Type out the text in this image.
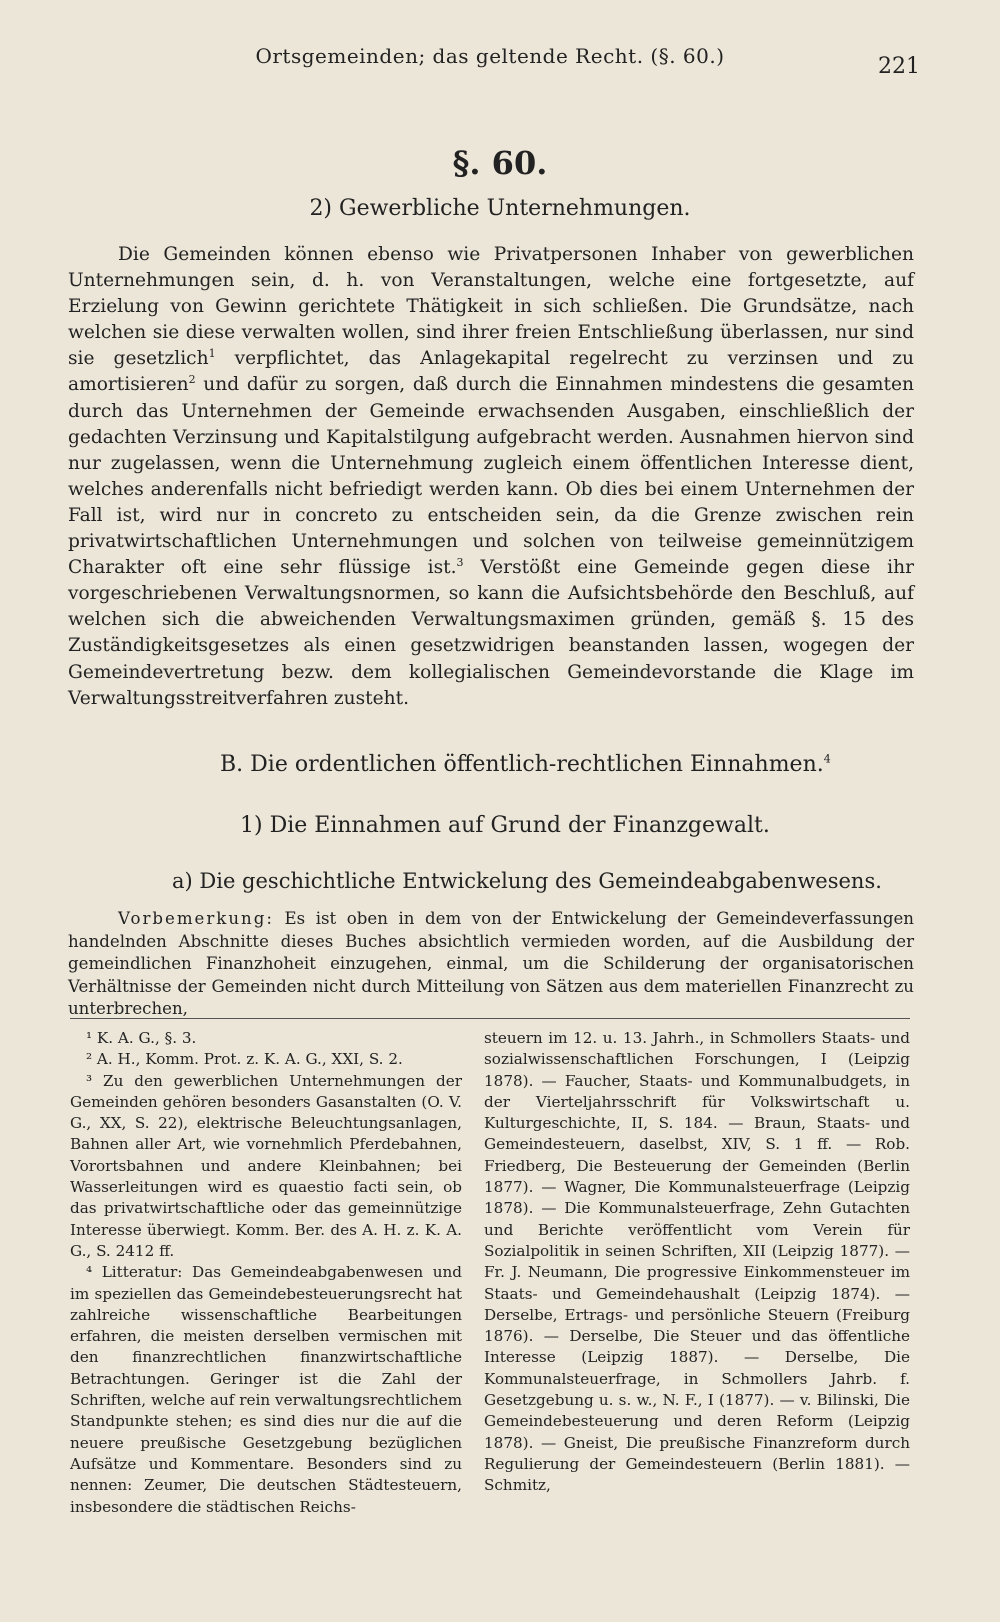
Ortsgemeinden; das geltende Recht. (§. 60.)	221
§. 60.
2) Gewerbliche Unternehmungen.

Die Gemeinden können ebenso wie Privatpersonen Inhaber von gewerblichen Unternehmungen sein, d. h. von Veranstaltungen, welche eine fortgesetzte, auf Erzielung von Gewinn gerichtete Thätigkeit in sich schließen. Die Grundsätze, nach welchen sie diese verwalten wollen, sind ihrer freien Entschließung überlassen, nur sind sie gesetzlich$^1$ verpflichtet, das Anlagekapital regelrecht zu verzinsen und zu amortisieren$^2$ und dafür zu sorgen, daß durch die Einnahmen mindestens die gesamten durch das Unternehmen der Gemeinde erwachsenden Ausgaben, einschließlich der gedachten Verzinsung und Kapitalstilgung aufgebracht werden. Ausnahmen hiervon sind nur zugelassen, wenn die Unternehmung zugleich einem öffentlichen Interesse dient, welches anderenfalls nicht befriedigt werden kann. Ob dies bei einem Unternehmen der Fall ist, wird nur in concreto zu entscheiden sein, da die Grenze zwischen rein privatwirtschaftlichen Unternehmungen und solchen von teilweise gemeinnützigem Charakter oft eine sehr flüssige ist.$^3$ Verstößt eine Gemeinde gegen diese ihr vorgeschriebenen Verwaltungsnormen, so kann die Aufsichtsbehörde den Beschluß, auf welchen sich die abweichenden Verwaltungsmaximen gründen, gemäß §. 15 des Zuständigkeitsgesetzes als einen gesetzwidrigen beanstanden lassen, wogegen der Gemeindevertretung bezw. dem kollegialischen Gemeindevorstande die Klage im Verwaltungsstreitverfahren zusteht.

B. Die ordentlichen öffentlich-rechtlichen Einnahmen.$^4$
1) Die Einnahmen auf Grund der Finanzgewalt.
a) Die geschichtliche Entwickelung des Gemeindeabgabenwesens.

Vorbemerkung: Es ist oben in dem von der Entwickelung der Gemeindeverfassungen handelnden Abschnitte dieses Buches absichtlich vermieden worden, auf die Ausbildung der gemeindlichen Finanzhoheit einzugehen, einmal, um die Schilderung der organisatorischen Verhältnisse der Gemeinden nicht durch Mitteilung von Sätzen aus dem materiellen Finanzrecht zu unterbrechen,

¹ K. A. G., §. 3.

² A. H., Komm. Prot. z. K. A. G., XXI, S. 2.

³ Zu den gewerblichen Unternehmungen der Gemeinden gehören besonders Gasanstalten (O. V. G., XX, S. 22), elektrische Beleuchtungsanlagen, Bahnen aller Art, wie vornehmlich Pferdebahnen, Vorortsbahnen und andere Kleinbahnen; bei Wasserleitungen wird es quaestio facti sein, ob das privatwirtschaftliche oder das gemeinnützige Interesse überwiegt. Komm. Ber. des A. H. z. K. A. G., S. 2412 ff.

⁴ Litteratur: Das Gemeindeabgabenwesen und im speziellen das Gemeindebesteuerungsrecht hat zahlreiche wissenschaftliche Bearbeitungen erfahren, die meisten derselben vermischen mit den finanzrechtlichen finanzwirtschaftliche Betrachtungen. Geringer ist die Zahl der Schriften, welche auf rein verwaltungsrechtlichem Standpunkte stehen; es sind dies nur die auf die neuere preußische Gesetzgebung bezüglichen Aufsätze und Kommentare. Besonders sind zu nennen: Zeumer, Die deutschen Städtesteuern, insbesondere die städtischen Reichs-

steuern im 12. u. 13. Jahrh., in Schmollers Staats- und sozialwissenschaftlichen Forschungen, I (Leipzig 1878). — Faucher, Staats- und Kommunalbudgets, in der Vierteljahrsschrift für Volkswirtschaft u. Kulturgeschichte, II, S. 184. — Braun, Staats- und Gemeindesteuern, daselbst, XIV, S. 1 ff. — Rob. Friedberg, Die Besteuerung der Gemeinden (Berlin 1877). — Wagner, Die Kommunalsteuerfrage (Leipzig 1878). — Die Kommunalsteuerfrage, Zehn Gutachten und Berichte veröffentlicht vom Verein für Sozialpolitik in seinen Schriften, XII (Leipzig 1877). — Fr. J. Neumann, Die progressive Einkommensteuer im Staats- und Gemeindehaushalt (Leipzig 1874). — Derselbe, Ertrags- und persönliche Steuern (Freiburg 1876). — Derselbe, Die Steuer und das öffentliche Interesse (Leipzig 1887). — Derselbe, Die Kommunalsteuerfrage, in Schmollers Jahrb. f. Gesetzgebung u. s. w., N. F., I (1877). — v. Bilinski, Die Gemeindebesteuerung und deren Reform (Leipzig 1878). — Gneist, Die preußische Finanzreform durch Regulierung der Gemeindesteuern (Berlin 1881). — Schmitz,
